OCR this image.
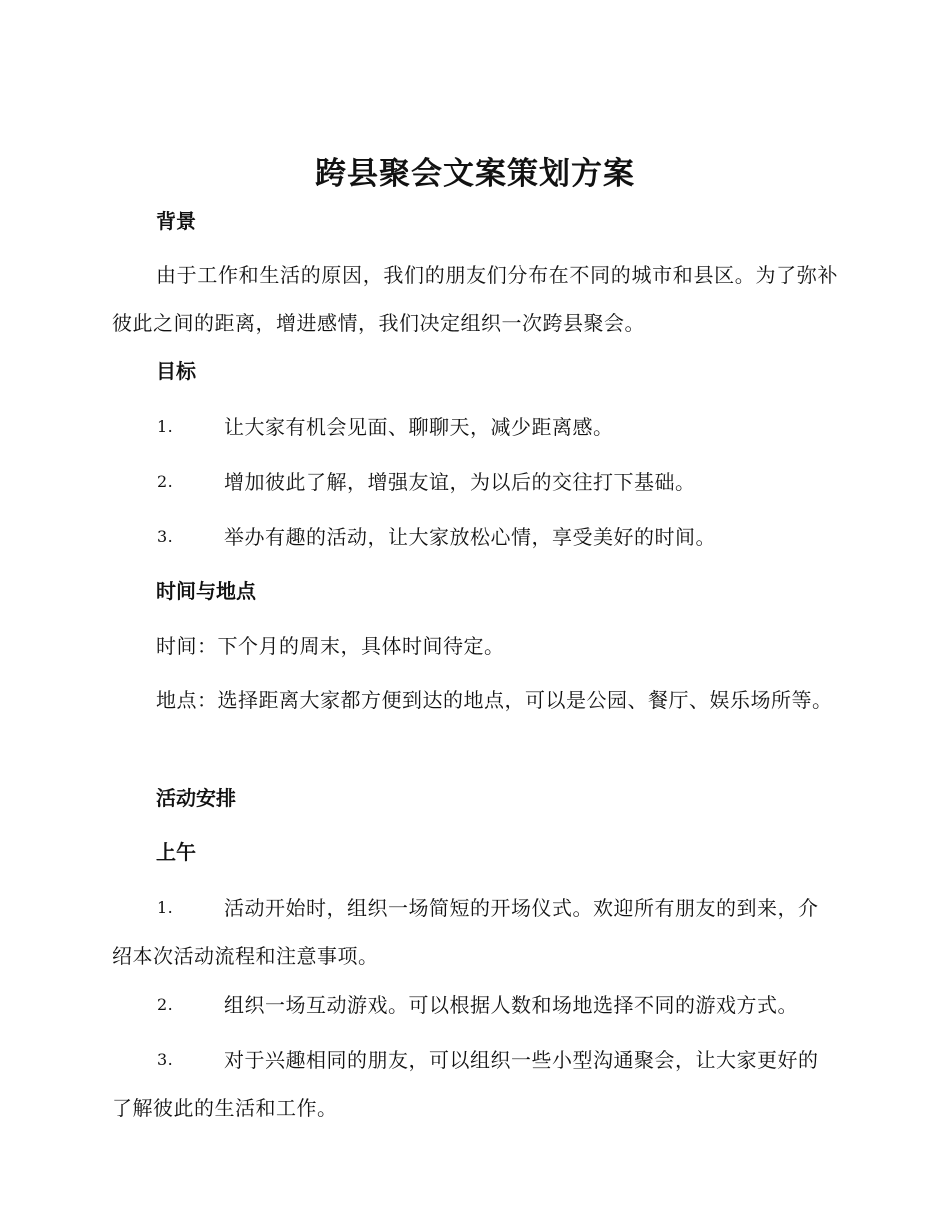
跨县聚会文案策划方案
背景
由于工作和生活的原因，我们的朋友们分布在不同的城市和县区。为了弥补彼此之间的距离，增进感情，我们决定组织一次跨县聚会。
目标
1.	让大家有机会见面、聊聊天，减少距离感。
2.	增加彼此了解，增强友谊，为以后的交往打下基础。
3.	举办有趣的活动，让大家放松心情，享受美好的时间。
时间与地点
时间：下个月的周末，具体时间待定。
地点：选择距离大家都方便到达的地点，可以是公园、餐厅、娱乐场所等。
活动安排
上午
1.	活动开始时，组织一场简短的开场仪式。欢迎所有朋友的到来，介绍本次活动流程和注意事项。
2.	组织一场互动游戏。可以根据人数和场地选择不同的游戏方式。
3.	对于兴趣相同的朋友，可以组织一些小型沟通聚会，让大家更好的了解彼此的生活和工作。
